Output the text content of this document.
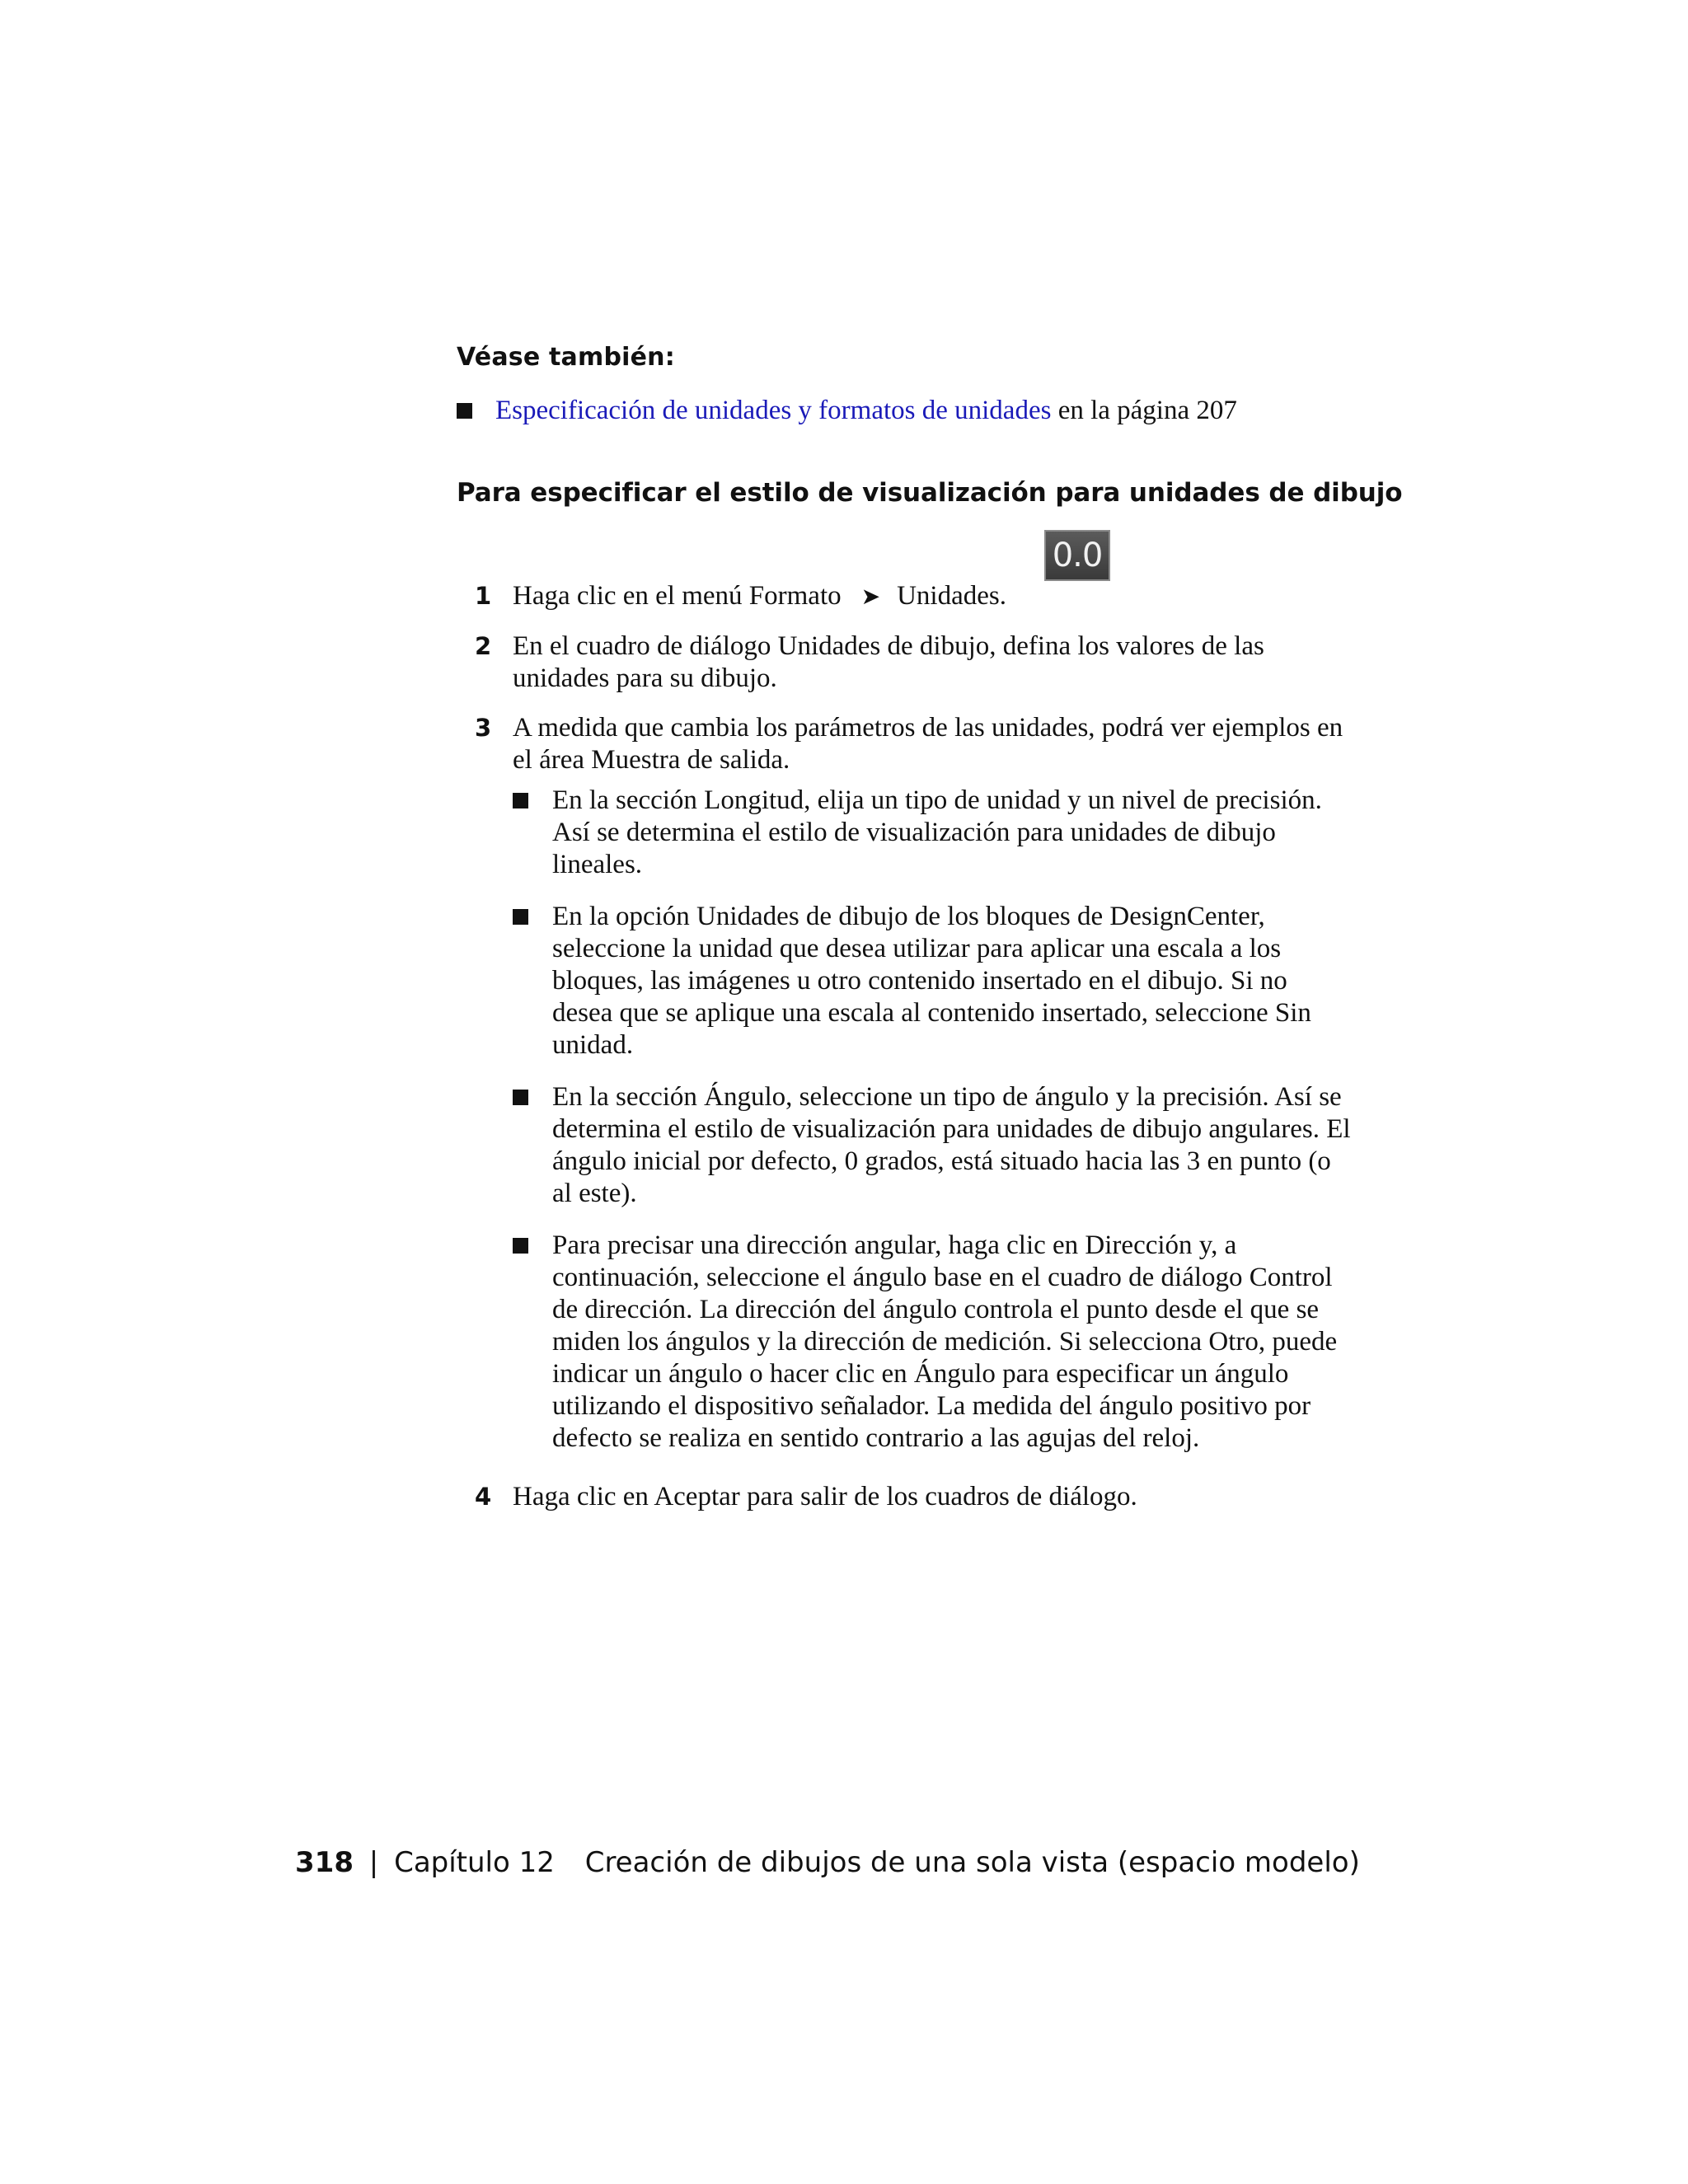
Véase también:
Especificación de unidades y formatos de unidades en la página 207
Para especificar el estilo de visualización para unidades de dibujo
1 Haga clic en el menú Formato ➤ Unidades.
0.0
2 En el cuadro de diálogo Unidades de dibujo, defina los valores de las unidades para su dibujo.
3 A medida que cambia los parámetros de las unidades, podrá ver ejemplos en el área Muestra de salida.
En la sección Longitud, elija un tipo de unidad y un nivel de precisión. Así se determina el estilo de visualización para unidades de dibujo lineales.
En la opción Unidades de dibujo de los bloques de DesignCenter, seleccione la unidad que desea utilizar para aplicar una escala a los bloques, las imágenes u otro contenido insertado en el dibujo. Si no desea que se aplique una escala al contenido insertado, seleccione Sin unidad.
En la sección Ángulo, seleccione un tipo de ángulo y la precisión. Así se determina el estilo de visualización para unidades de dibujo angulares. El ángulo inicial por defecto, 0 grados, está situado hacia las 3 en punto (o al este).
Para precisar una dirección angular, haga clic en Dirección y, a continuación, seleccione el ángulo base en el cuadro de diálogo Control de dirección. La dirección del ángulo controla el punto desde el que se miden los ángulos y la dirección de medición. Si selecciona Otro, puede indicar un ángulo o hacer clic en Ángulo para especificar un ángulo utilizando el dispositivo señalador. La medida del ángulo positivo por defecto se realiza en sentido contrario a las agujas del reloj.
4 Haga clic en Aceptar para salir de los cuadros de diálogo.
318 | Capítulo 12 Creación de dibujos de una sola vista (espacio modelo)
